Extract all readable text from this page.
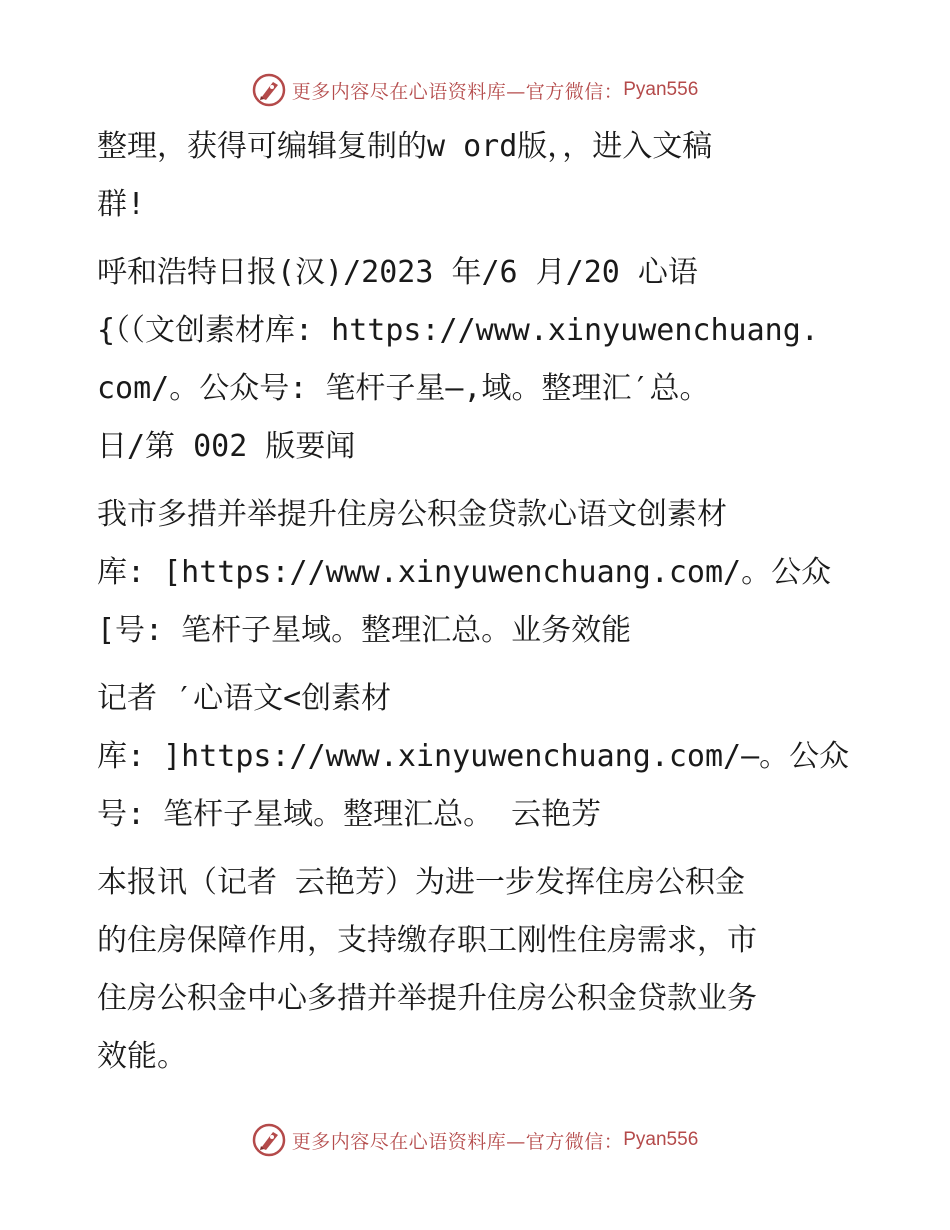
更多内容尽在心语资料库—官方微信： Pyan556
整理，获得可编辑复制的w ord版，，进入文稿
群!
呼和浩特日报(汉)/2023 年/6 月/20 心语
{（（文创素材库: https://www.xinyuwenchuang.
com/。公众号: 笔杆子星—,域。整理汇′总。
日/第 002 版要闻
我市多措并举提升住房公积金贷款心语文创素材
库: [https://www.xinyuwenchuang.com/。公众
[号: 笔杆子星域。整理汇总。业务效能
记者 ′心语文<创素材
库: ]https://www.xinyuwenchuang.com/—。公众
号: 笔杆子星域。整理汇总。 云艳芳
本报讯（记者 云艳芳）为进一步发挥住房公积金
的住房保障作用，支持缴存职工刚性住房需求，市
住房公积金中心多措并举提升住房公积金贷款业务
效能。
更多内容尽在心语资料库—官方微信： Pyan556
